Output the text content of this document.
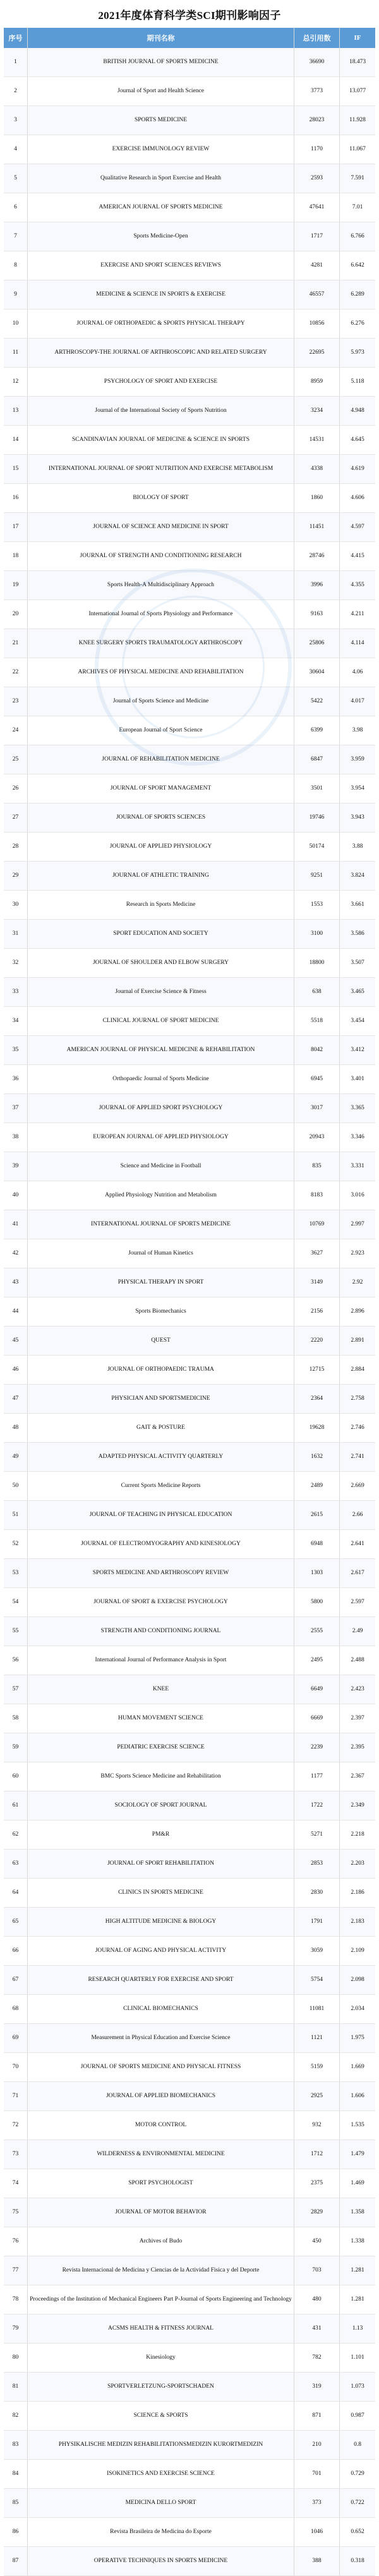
2021年度体育科学类SCI期刊影响因子
序号	期刊名称	总引用数	IF
1	BRITISH JOURNAL OF SPORTS MEDICINE	36690	18.473
2	Journal of Sport and Health Science	3773	13.077
3	SPORTS MEDICINE	28023	11.928
4	EXERCISE IMMUNOLOGY REVIEW	1170	11.067
5	Qualitative Research in Sport Exercise and Health	2593	7.591
6	AMERICAN JOURNAL OF SPORTS MEDICINE	47641	7.01
7	Sports Medicine-Open	1717	6.766
8	EXERCISE AND SPORT SCIENCES REVIEWS	4281	6.642
9	MEDICINE & SCIENCE IN SPORTS & EXERCISE	46557	6.289
10	JOURNAL OF ORTHOPAEDIC & SPORTS PHYSICAL THERAPY	10856	6.276
11	ARTHROSCOPY-THE JOURNAL OF ARTHROSCOPIC AND RELATED SURGERY	22695	5.973
12	PSYCHOLOGY OF SPORT AND EXERCISE	8959	5.118
13	Journal of the International Society of Sports Nutrition	3234	4.948
14	SCANDINAVIAN JOURNAL OF MEDICINE & SCIENCE IN SPORTS	14531	4.645
15	INTERNATIONAL JOURNAL OF SPORT NUTRITION AND EXERCISE METABOLISM	4338	4.619
16	BIOLOGY OF SPORT	1860	4.606
17	JOURNAL OF SCIENCE AND MEDICINE IN SPORT	11451	4.597
18	JOURNAL OF STRENGTH AND CONDITIONING RESEARCH	28746	4.415
19	Sports Health-A Multidisciplinary Approach	3996	4.355
20	International Journal of Sports Physiology and Performance	9163	4.211
21	KNEE SURGERY SPORTS TRAUMATOLOGY ARTHROSCOPY	25806	4.114
22	ARCHIVES OF PHYSICAL MEDICINE AND REHABILITATION	30604	4.06
23	Journal of Sports Science and Medicine	5422	4.017
24	European Journal of Sport Science	6399	3.98
25	JOURNAL OF REHABILITATION MEDICINE	6847	3.959
26	JOURNAL OF SPORT MANAGEMENT	3501	3.954
27	JOURNAL OF SPORTS SCIENCES	19746	3.943
28	JOURNAL OF APPLIED PHYSIOLOGY	50174	3.88
29	JOURNAL OF ATHLETIC TRAINING	9251	3.824
30	Research in Sports Medicine	1553	3.661
31	SPORT EDUCATION AND SOCIETY	3100	3.586
32	JOURNAL OF SHOULDER AND ELBOW SURGERY	18800	3.507
33	Journal of Exercise Science & Fitness	638	3.465
34	CLINICAL JOURNAL OF SPORT MEDICINE	5518	3.454
35	AMERICAN JOURNAL OF PHYSICAL MEDICINE & REHABILITATION	8042	3.412
36	Orthopaedic Journal of Sports Medicine	6945	3.401
37	JOURNAL OF APPLIED SPORT PSYCHOLOGY	3017	3.365
38	EUROPEAN JOURNAL OF APPLIED PHYSIOLOGY	20943	3.346
39	Science and Medicine in Football	835	3.331
40	Applied Physiology Nutrition and Metabolism	8183	3.016
41	INTERNATIONAL JOURNAL OF SPORTS MEDICINE	10769	2.997
42	Journal of Human Kinetics	3627	2.923
43	PHYSICAL THERAPY IN SPORT	3149	2.92
44	Sports Biomechanics	2156	2.896
45	QUEST	2220	2.891
46	JOURNAL OF ORTHOPAEDIC TRAUMA	12715	2.884
47	PHYSICIAN AND SPORTSMEDICINE	2364	2.758
48	GAIT & POSTURE	19628	2.746
49	ADAPTED PHYSICAL ACTIVITY QUARTERLY	1632	2.741
50	Current Sports Medicine Reports	2489	2.669
51	JOURNAL OF TEACHING IN PHYSICAL EDUCATION	2615	2.66
52	JOURNAL OF ELECTROMYOGRAPHY AND KINESIOLOGY	6948	2.641
53	SPORTS MEDICINE AND ARTHROSCOPY REVIEW	1303	2.617
54	JOURNAL OF SPORT & EXERCISE PSYCHOLOGY	5800	2.597
55	STRENGTH AND CONDITIONING JOURNAL	2555	2.49
56	International Journal of Performance Analysis in Sport	2495	2.488
57	KNEE	6649	2.423
58	HUMAN MOVEMENT SCIENCE	6669	2.397
59	PEDIATRIC EXERCISE SCIENCE	2239	2.395
60	BMC Sports Science Medicine and Rehabilitation	1177	2.367
61	SOCIOLOGY OF SPORT JOURNAL	1722	2.349
62	PM&R	5271	2.218
63	JOURNAL OF SPORT REHABILITATION	2853	2.203
64	CLINICS IN SPORTS MEDICINE	2830	2.186
65	HIGH ALTITUDE MEDICINE & BIOLOGY	1791	2.183
66	JOURNAL OF AGING AND PHYSICAL ACTIVITY	3059	2.109
67	RESEARCH QUARTERLY FOR EXERCISE AND SPORT	5754	2.098
68	CLINICAL BIOMECHANICS	11081	2.034
69	Measurement in Physical Education and Exercise Science	1121	1.975
70	JOURNAL OF SPORTS MEDICINE AND PHYSICAL FITNESS	5159	1.669
71	JOURNAL OF APPLIED BIOMECHANICS	2925	1.606
72	MOTOR CONTROL	932	1.535
73	WILDERNESS & ENVIRONMENTAL MEDICINE	1712	1.479
74	SPORT PSYCHOLOGIST	2375	1.469
75	JOURNAL OF MOTOR BEHAVIOR	2829	1.358
76	Archives of Budo	450	1.338
77	Revista Internacional de Medicina y Ciencias de la Actividad Fisica y del Deporte	703	1.281
78	Proceedings of the Institution of Mechanical Engineers Part P-Journal of Sports Engineering and Technology	480	1.281
79	ACSMS HEALTH & FITNESS JOURNAL	431	1.13
80	Kinesiology	782	1.101
81	SPORTVERLETZUNG-SPORTSCHADEN	319	1.073
82	SCIENCE & SPORTS	871	0.987
83	PHYSIKALISCHE MEDIZIN REHABILITATIONSMEDIZIN KURORTMEDIZIN	210	0.8
84	ISOKINETICS AND EXERCISE SCIENCE	701	0.729
85	MEDICINA DELLO SPORT	373	0.722
86	Revista Brasileira de Medicina do Esporte	1046	0.652
87	OPERATIVE TECHNIQUES IN SPORTS MEDICINE	388	0.318
